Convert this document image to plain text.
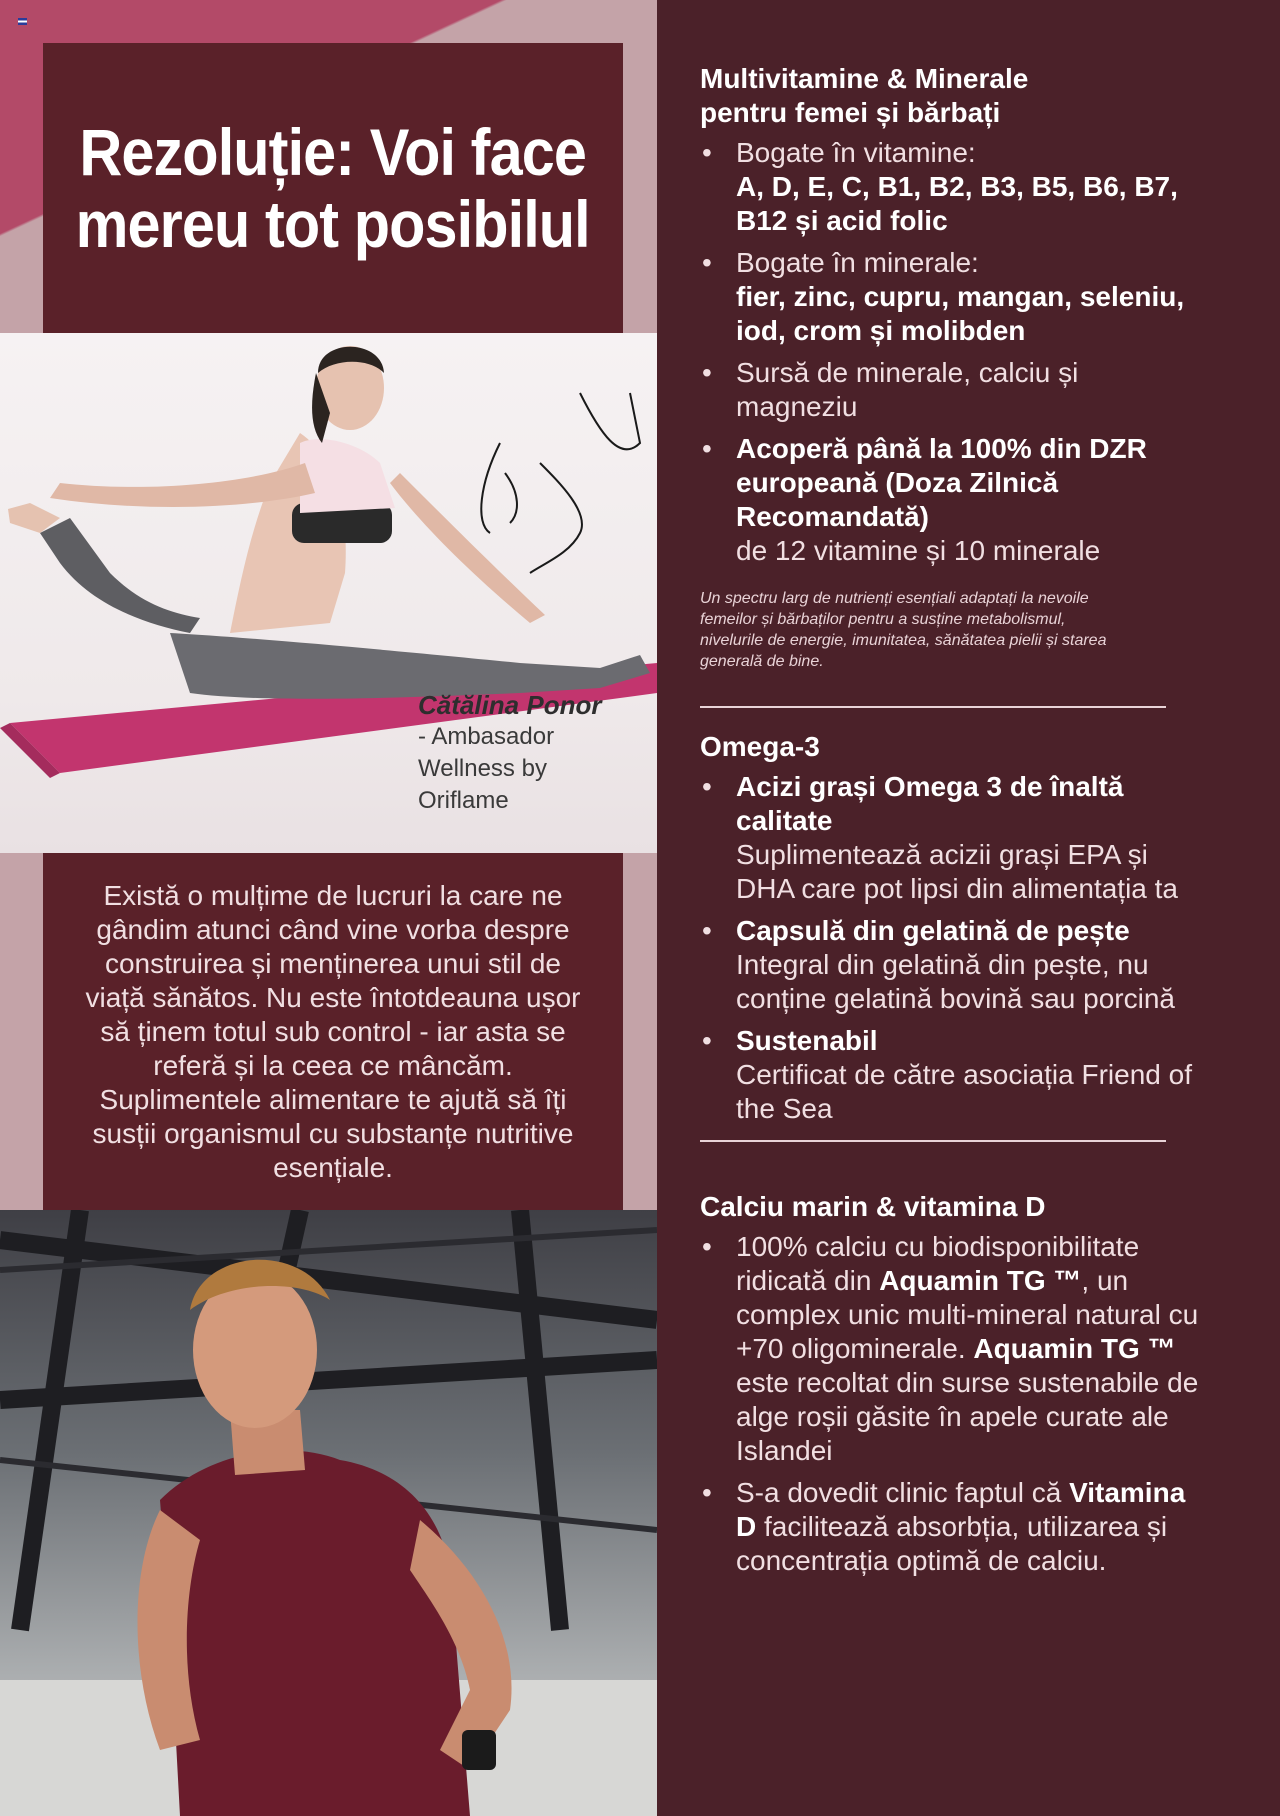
Rezoluție: Voi face
mereu tot posibilul
Cătălina Ponor
- Ambasador
Wellness by
Oriflame

Există o mulțime de lucruri la care ne gândim atunci când vine vorba despre construirea și menținerea unui stil de viață sănătos. Nu este întotdeauna ușor să ținem totul sub control - iar asta se referă și la ceea ce mâncăm. Suplimentele alimentare te ajută să îți susții organismul cu substanțe nutritive esențiale.

Multivitamine & Minerale
pentru femei și bărbați
• Bogate în vitamine:
A, D, E, C, B1, B2, B3, B5, B6, B7, B12 și acid folic
• Bogate în minerale:
fier, zinc, cupru, mangan, seleniu, iod, crom și molibden
• Sursă de minerale, calciu și magneziu
• Acoperă până la 100% din DZR europeană (Doza Zilnică Recomandată)
de 12 vitamine și 10 minerale

Un spectru larg de nutrienți esențiali adaptați la nevoile femeilor și bărbaților pentru a susține metabolismul, nivelurile de energie, imunitatea, sănătatea pielii și starea generală de bine.

Omega-3
• Acizi grași Omega 3 de înaltă calitate
Suplimentează acizii grași EPA și DHA care pot lipsi din alimentația ta
• Capsulă din gelatină de pește
Integral din gelatină din pește, nu conține gelatină bovină sau porcină
• Sustenabil
Certificat de către asociația Friend of the Sea
Calciu marin & vitamina D
• 100% calciu cu biodisponibilitate ridicată din Aquamin TG ™, un complex unic multi-mineral natural cu +70 oligominerale. Aquamin TG ™ este recoltat din surse sustenabile de alge roșii găsite în apele curate ale Islandei
• S-a dovedit clinic faptul că Vitamina D facilitează absorbția, utilizarea și concentrația optimă de calciu.
